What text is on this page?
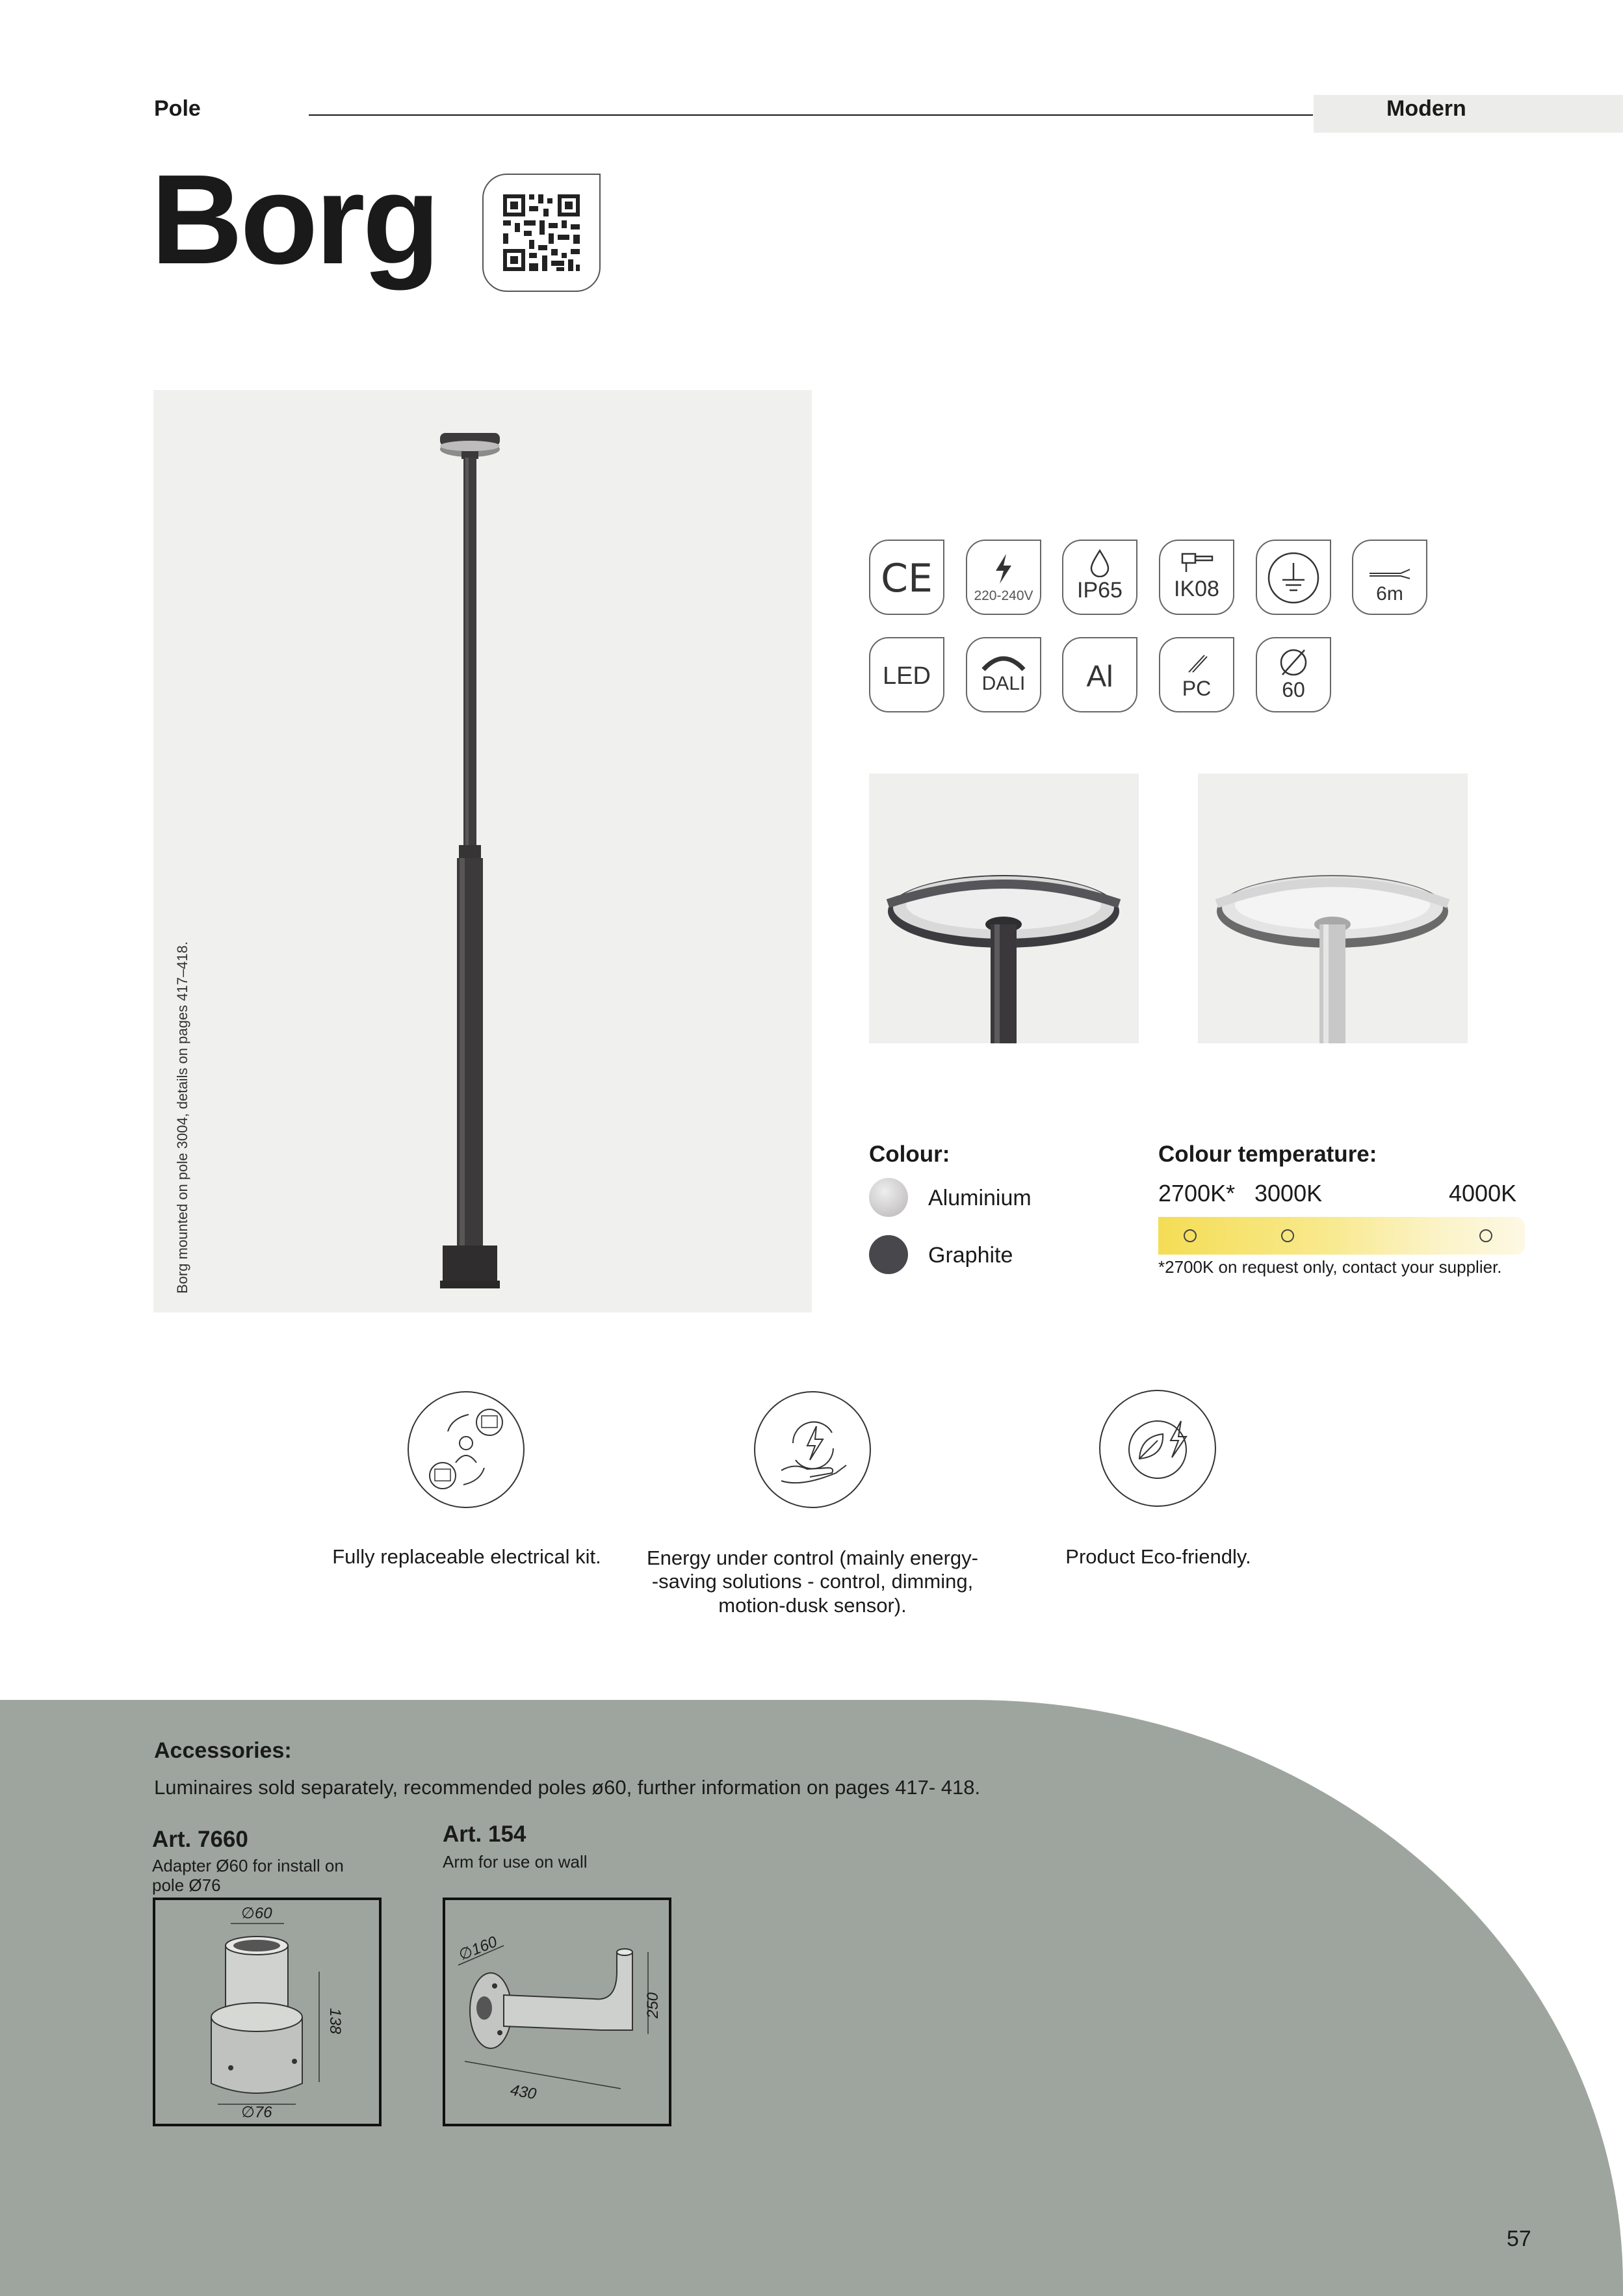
Pole	Modern
Borg
Borg mounted on pole 3004, details on pages 417–418.
CE	220-240V	IP65	IK08	6m
LED	DALI	Al	PC	60
Colour:
Aluminium
Graphite
Colour temperature:
2700K* 3000K	4000K
*2700K on request only, contact your supplier.
Fully replaceable electrical kit.	Energy under control (mainly energy-
-saving solutions - control, dimming,
motion-dusk sensor).
Product Eco-friendly.
Accessories:
Luminaires sold separately, recommended poles ø60, further information on pages 417- 418.
Art. 7660
Adapter Ø60 for install on
pole Ø76
∅60
138
∅76
Art. 154
Arm for use on wall
∅160
250
430
57
